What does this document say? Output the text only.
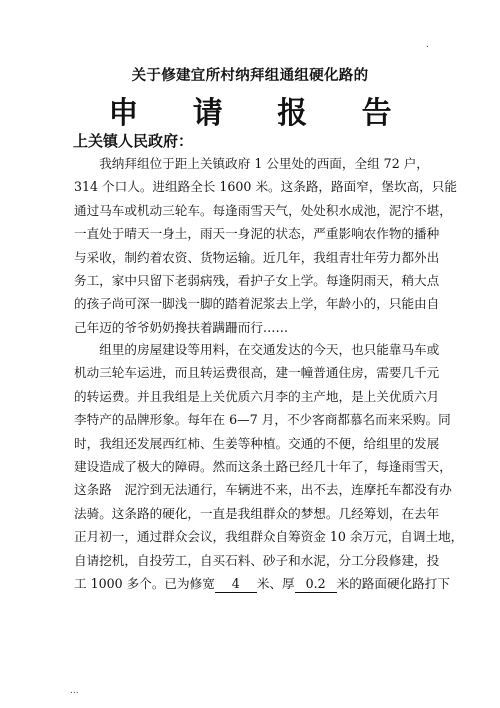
.
关于修建宜所村纳拜组通组硬化路的
申 请 报 告
上关镇人民政府：
　　我纳拜组位于距上关镇政府 1 公里处的西面，全组 72 户，
314 个口人。进组路全长 1600 米。这条路，路面窄，堡坎高，只能
通过马车或机动三轮车。每逢雨雪天气，处处积水成池，泥泞不堪，
一直处于晴天一身土，雨天一身泥的状态，严重影响农作物的播种
与采收，制约着农资、货物运输。近几年，我组青壮年劳力都外出
务工，家中只留下老弱病残，看护子女上学。每逢阴雨天，稍大点
的孩子尚可深一脚浅一脚的踏着泥浆去上学，年龄小的，只能由自
己年迈的爷爷奶奶搀扶着蹒跚而行……
　　组里的房屋建设等用料，在交通发达的今天，也只能靠马车或
机动三轮车运进，而且转运费很高，建一幢普通住房，需要几千元
的转运费。并且我组是上关优质六月李的主产地，是上关优质六月
李特产的品牌形象。每年在 6—7 月，不少客商都慕名而来采购。同
时，我组还发展西红柿、生姜等种植。交通的不便，给组里的发展
建设造成了极大的障碍。然而这条土路已经几十年了，每逢雨雪天，
这条路　泥泞到无法通行，车辆进不来，出不去，连摩托车都没有办
法骑。这条路的硬化，一直是我组群众的梦想。几经筹划，在去年
正月初一，通过群众会议，我组群众自筹资金 10 余万元，自调土地，
自请挖机，自投劳工，自买石料、砂子和水泥，分工分段修建，投
工 1000 多个。已为修宽 4 米、厚 0.2 米的路面硬化路打下
...
